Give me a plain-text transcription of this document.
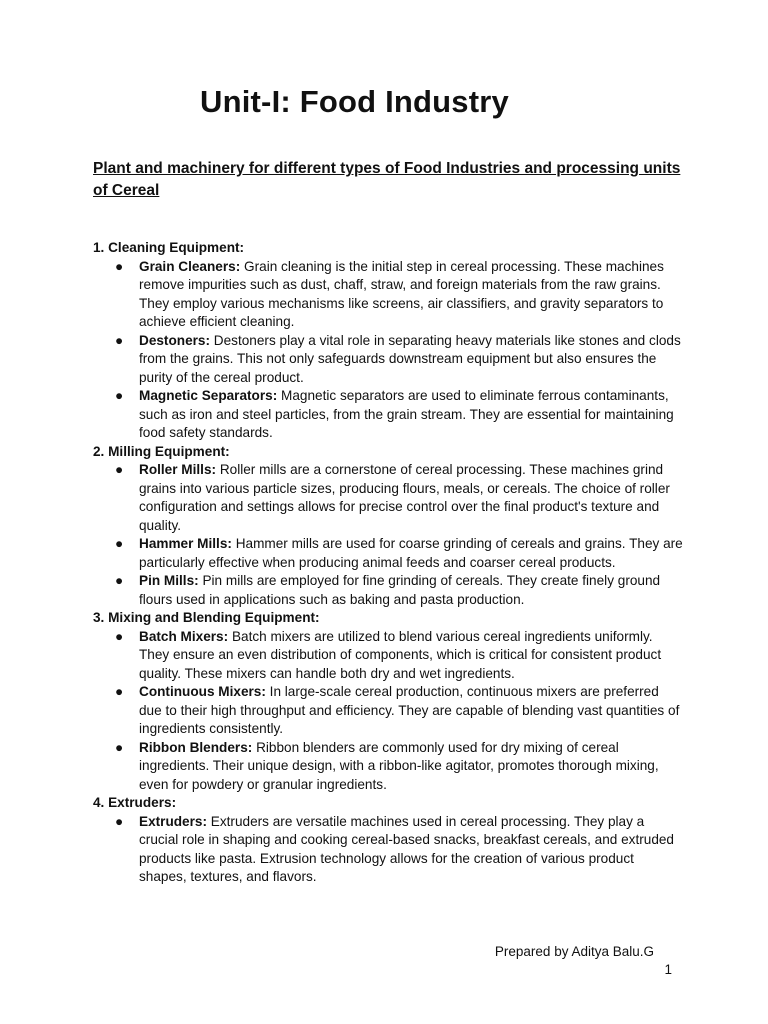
Unit-I: Food Industry
Plant and machinery for different types of Food Industries and processing units of Cereal
1. Cleaning Equipment:
● Grain Cleaners: Grain cleaning is the initial step in cereal processing. These machines remove impurities such as dust, chaff, straw, and foreign materials from the raw grains. They employ various mechanisms like screens, air classifiers, and gravity separators to achieve efficient cleaning.
● Destoners: Destoners play a vital role in separating heavy materials like stones and clods from the grains. This not only safeguards downstream equipment but also ensures the purity of the cereal product.
● Magnetic Separators: Magnetic separators are used to eliminate ferrous contaminants, such as iron and steel particles, from the grain stream. They are essential for maintaining food safety standards.
2. Milling Equipment:
● Roller Mills: Roller mills are a cornerstone of cereal processing. These machines grind grains into various particle sizes, producing flours, meals, or cereals. The choice of roller configuration and settings allows for precise control over the final product's texture and quality.
● Hammer Mills: Hammer mills are used for coarse grinding of cereals and grains. They are particularly effective when producing animal feeds and coarser cereal products.
● Pin Mills: Pin mills are employed for fine grinding of cereals. They create finely ground flours used in applications such as baking and pasta production.
3. Mixing and Blending Equipment:
● Batch Mixers: Batch mixers are utilized to blend various cereal ingredients uniformly. They ensure an even distribution of components, which is critical for consistent product quality. These mixers can handle both dry and wet ingredients.
● Continuous Mixers: In large-scale cereal production, continuous mixers are preferred due to their high throughput and efficiency. They are capable of blending vast quantities of ingredients consistently.
● Ribbon Blenders: Ribbon blenders are commonly used for dry mixing of cereal ingredients. Their unique design, with a ribbon-like agitator, promotes thorough mixing, even for powdery or granular ingredients.
4. Extruders:
● Extruders: Extruders are versatile machines used in cereal processing. They play a crucial role in shaping and cooking cereal-based snacks, breakfast cereals, and extruded products like pasta. Extrusion technology allows for the creation of various product shapes, textures, and flavors.
Prepared by Aditya Balu.G
1
